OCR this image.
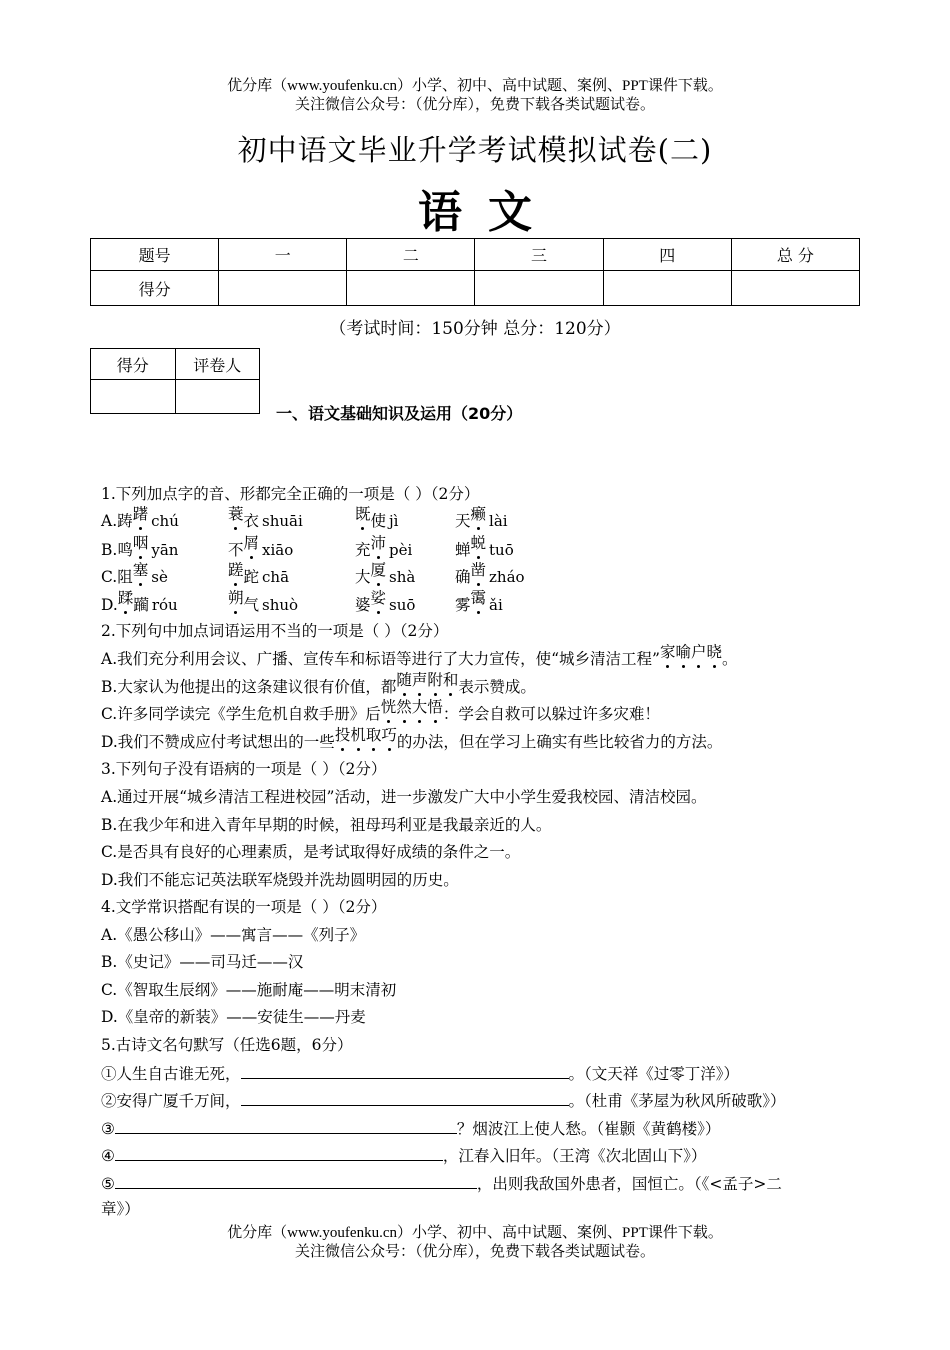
优分库（www.youfenku.cn）小学、初中、高中试题、案例、PPT课件下载。
关注微信公众号：（优分库），免费下载各类试题试卷。
初中语文毕业升学考试模拟试卷(二)
语文
题号	一	二	三	四	总 分
得分					
（考试时间：150分钟 总分：120分）
得分	评卷人

一、语文基础知识及运用（20分）
1.下列加点字的音、形都完全正确的一项是（ ）（2分）
A.踌躇 chú	蓑衣 shuāi	既使 jì	天癞 lài
B.鸣咽 yān	不屑 xiāo	充沛 pèi	蝉蜕 tuō
C.阻塞 sè	蹉跎 chā	大厦 shà	确凿 zháo
D.蹂躏 róu	朔气 shuò	婆娑 suō	雾霭 ǎi
2.下列句中加点词语运用不当的一项是（ ）（2分）
A.我们充分利用会议、广播、宣传车和标语等进行了大力宣传，使“城乡清洁工程”家喻户晓。
B.大家认为他提出的这条建议很有价值，都随声附和表示赞成。
C.许多同学读完《学生危机自救手册》后恍然大悟：学会自救可以躲过许多灾难！
D.我们不赞成应付考试想出的一些投机取巧的办法，但在学习上确实有些比较省力的方法。
3.下列句子没有语病的一项是（ ）（2分）
A.通过开展“城乡清洁工程进校园”活动，进一步激发广大中小学生爱我校园、清洁校园。
B.在我少年和进入青年早期的时候，祖母玛利亚是我最亲近的人。
C.是否具有良好的心理素质，是考试取得好成绩的条件之一。
D.我们不能忘记英法联军烧毁并洗劫圆明园的历史。
4.文学常识搭配有误的一项是（ ）（2分）
A.《愚公移山》——寓言——《列子》
B.《史记》——司马迁——汉
C.《智取生辰纲》——施耐庵——明末清初
D.《皇帝的新装》——安徒生——丹麦
5.古诗文名句默写（任选6题，6分）
①人生自古谁无死，	。（文天祥《过零丁洋》）
②安得广厦千万间，	。（杜甫《茅屋为秋风所破歌》）
③	？烟波江上使人愁。（崔颢《黄鹤楼》）
④	，江春入旧年。（王湾《次北固山下》）
⑤	，出则我敌国外患者，国恒亡。（《<孟子>二
章》）
优分库（www.youfenku.cn）小学、初中、高中试题、案例、PPT课件下载。
关注微信公众号：（优分库），免费下载各类试题试卷。
